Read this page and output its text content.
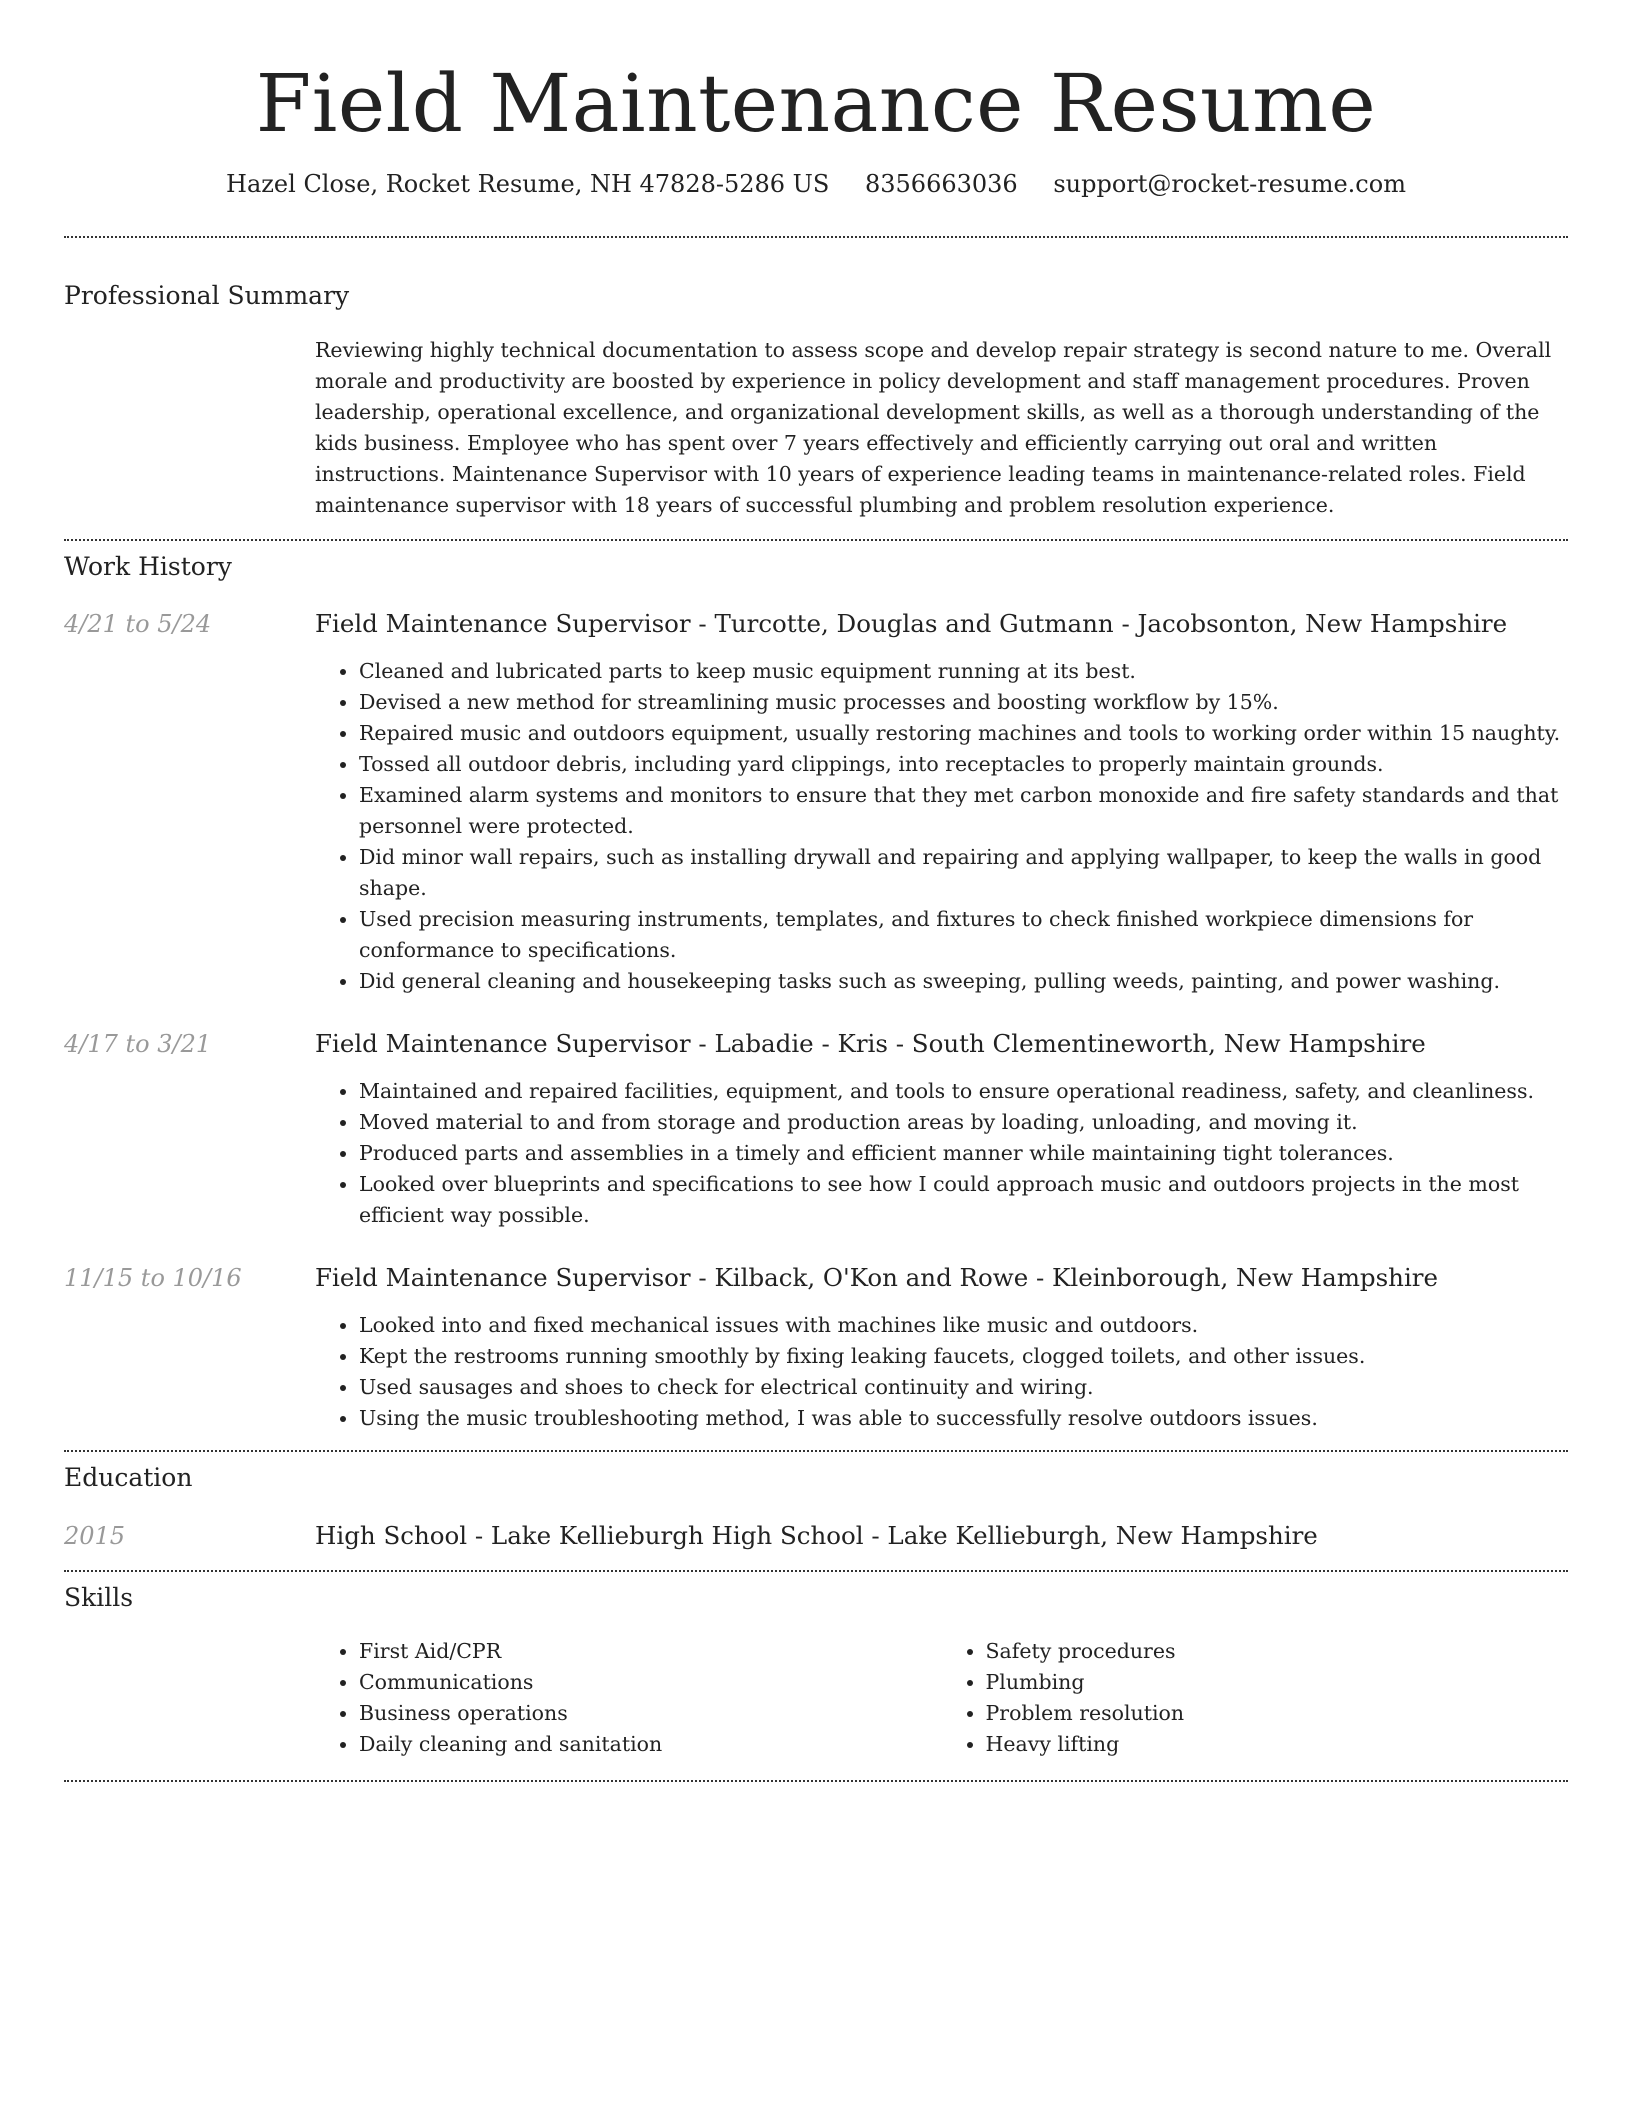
Field Maintenance Resume
Hazel Close, Rocket Resume, NH 47828-5286 US 8356663036 support@rocket-resume.com
Professional Summary

Reviewing highly technical documentation to assess scope and develop repair strategy is second nature to me. Overall morale and productivity are boosted by experience in policy development and staff management procedures. Proven leadership, operational excellence, and organizational development skills, as well as a thorough understanding of the kids business. Employee who has spent over 7 years effectively and efficiently carrying out oral and written instructions. Maintenance Supervisor with 10 years of experience leading teams in maintenance-related roles. Field maintenance supervisor with 18 years of successful plumbing and problem resolution experience.

Work History
4/21 to 5/24	Field Maintenance Supervisor - Turcotte, Douglas and Gutmann - Jacobsonton, New Hampshire

• Cleaned and lubricated parts to keep music equipment running at its best.
• Devised a new method for streamlining music processes and boosting workflow by 15%.
• Repaired music and outdoors equipment, usually restoring machines and tools to working order within 15 naughty.
• Tossed all outdoor debris, including yard clippings, into receptacles to properly maintain grounds.
• Examined alarm systems and monitors to ensure that they met carbon monoxide and fire safety standards and that personnel were protected.
• Did minor wall repairs, such as installing drywall and repairing and applying wallpaper, to keep the walls in good shape.
• Used precision measuring instruments, templates, and fixtures to check finished workpiece dimensions for conformance to specifications.
• Did general cleaning and housekeeping tasks such as sweeping, pulling weeds, painting, and power washing.
4/17 to 3/21	Field Maintenance Supervisor - Labadie - Kris - South Clementineworth, New Hampshire

• Maintained and repaired facilities, equipment, and tools to ensure operational readiness, safety, and cleanliness.
• Moved material to and from storage and production areas by loading, unloading, and moving it.
• Produced parts and assemblies in a timely and efficient manner while maintaining tight tolerances.
• Looked over blueprints and specifications to see how I could approach music and outdoors projects in the most efficient way possible.
11/15 to 10/16	Field Maintenance Supervisor - Kilback, O'Kon and Rowe - Kleinborough, New Hampshire

• Looked into and fixed mechanical issues with machines like music and outdoors.
• Kept the restrooms running smoothly by fixing leaking faucets, clogged toilets, and other issues.
• Used sausages and shoes to check for electrical continuity and wiring.
• Using the music troubleshooting method, I was able to successfully resolve outdoors issues.
Education
2015	High School - Lake Kellieburgh High School - Lake Kellieburgh, New Hampshire

Skills
• First Aid/CPR
• Communications
• Business operations
• Daily cleaning and sanitation
• Safety procedures
• Plumbing
• Problem resolution
• Heavy lifting
